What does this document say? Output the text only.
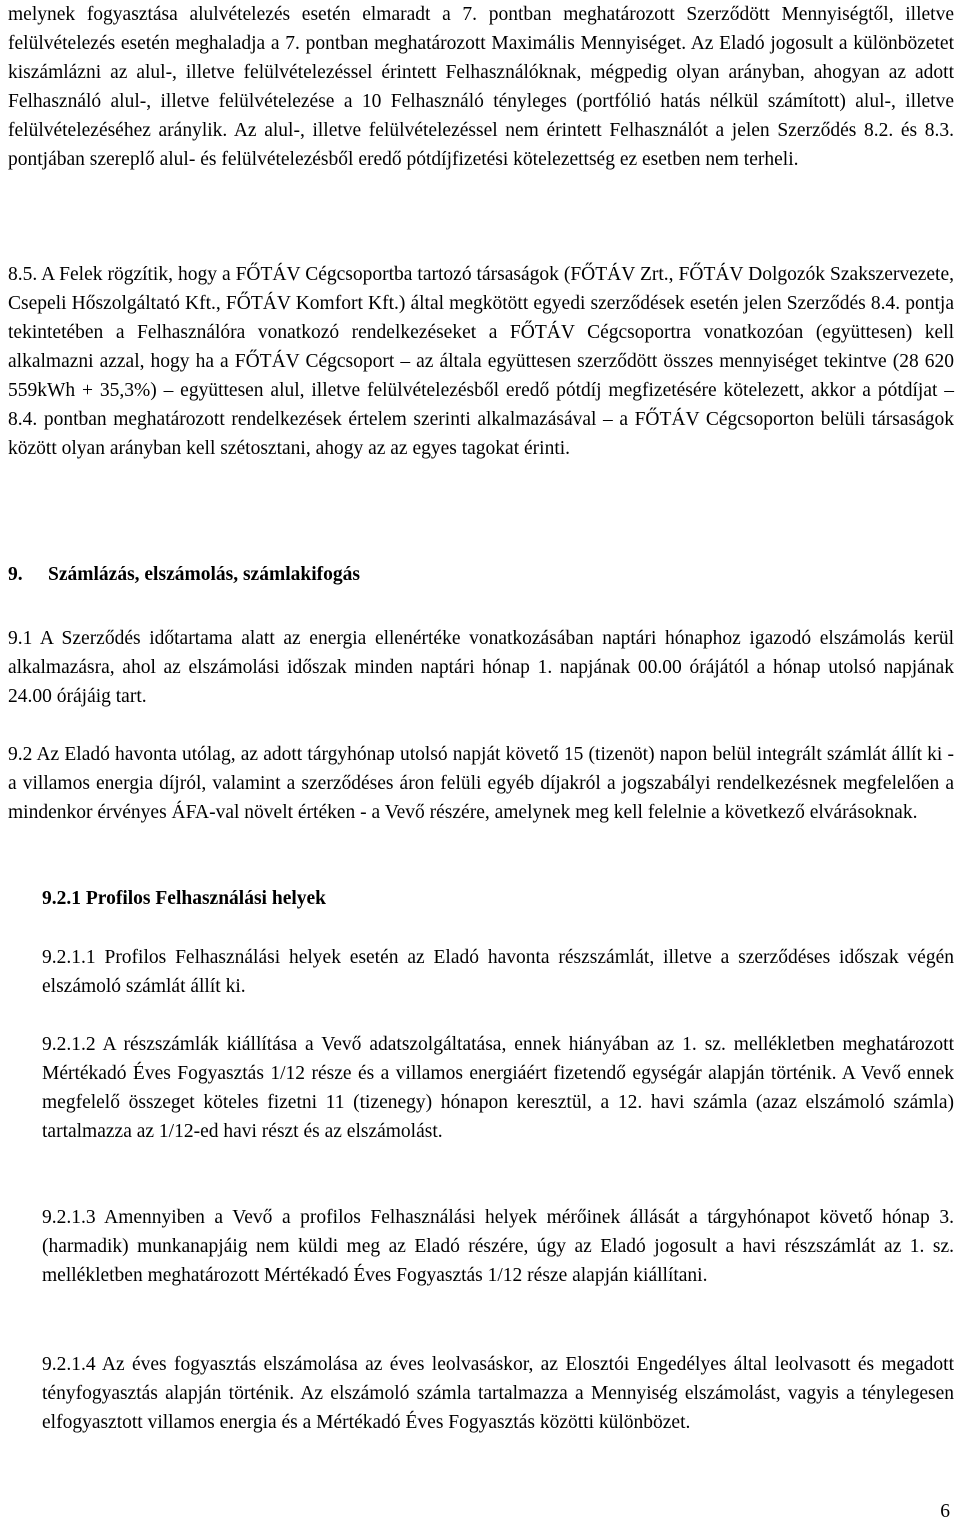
melynek fogyasztása alulvételezés esetén elmaradt a 7. pontban meghatározott Szerződött Mennyiségtől, illetve felülvételezés esetén meghaladja a 7. pontban meghatározott Maximális Mennyiséget. Az Eladó jogosult a különbözetet kiszámlázni az alul-, illetve felülvételezéssel érintett Felhasználóknak, mégpedig olyan arányban, ahogyan az adott Felhasználó alul-, illetve felülvételezése a 10 Felhasználó tényleges (portfólió hatás nélkül számított) alul-, illetve felülvételezéséhez aránylik. Az alul-, illetve felülvételezéssel nem érintett Felhasználót a jelen Szerződés 8.2. és 8.3. pontjában szereplő alul- és felülvételezésből eredő pótdíjfizetési kötelezettség ez esetben nem terheli.

8.5. A Felek rögzítik, hogy a FŐTÁV Cégcsoportba tartozó társaságok (FŐTÁV Zrt., FŐTÁV Dolgozók Szakszervezete, Csepeli Hőszolgáltató Kft., FŐTÁV Komfort Kft.) által megkötött egyedi szerződések esetén jelen Szerződés 8.4. pontja tekintetében a Felhasználóra vonatkozó rendelkezéseket a FŐTÁV Cégcsoportra vonatkozóan (együttesen) kell alkalmazni azzal, hogy ha a FŐTÁV Cégcsoport – az általa együttesen szerződött összes mennyiséget tekintve (28 620 559kWh + 35,3%) – együttesen alul, illetve felülvételezésből eredő pótdíj megfizetésére kötelezett, akkor a pótdíjat – 8.4. pontban meghatározott rendelkezések értelem szerinti alkalmazásával – a FŐTÁV Cégcsoporton belüli társaságok között olyan arányban kell szétosztani, ahogy az az egyes tagokat érinti.

9. Számlázás, elszámolás, számlakifogás

9.1 A Szerződés időtartama alatt az energia ellenértéke vonatkozásában naptári hónaphoz igazodó elszámolás kerül alkalmazásra, ahol az elszámolási időszak minden naptári hónap 1. napjának 00.00 órájától a hónap utolsó napjának 24.00 órájáig tart.

9.2 Az Eladó havonta utólag, az adott tárgyhónap utolsó napját követő 15 (tizenöt) napon belül integrált számlát állít ki - a villamos energia díjról, valamint a szerződéses áron felüli egyéb díjakról a jogszabályi rendelkezésnek megfelelően a mindenkor érvényes ÁFA-val növelt értéken - a Vevő részére, amelynek meg kell felelnie a következő elvárásoknak.

9.2.1 Profilos Felhasználási helyek

9.2.1.1 Profilos Felhasználási helyek esetén az Eladó havonta részszámlát, illetve a szerződéses időszak végén elszámoló számlát állít ki.

9.2.1.2 A részszámlák kiállítása a Vevő adatszolgáltatása, ennek hiányában az 1. sz. mellékletben meghatározott Mértékadó Éves Fogyasztás 1/12 része és a villamos energiáért fizetendő egységár alapján történik. A Vevő ennek megfelelő összeget köteles fizetni 11 (tizenegy) hónapon keresztül, a 12. havi számla (azaz elszámoló számla) tartalmazza az 1/12-ed havi részt és az elszámolást.

9.2.1.3 Amennyiben a Vevő a profilos Felhasználási helyek mérőinek állását a tárgyhónapot követő hónap 3. (harmadik) munkanapjáig nem küldi meg az Eladó részére, úgy az Eladó jogosult a havi részszámlát az 1. sz. mellékletben meghatározott Mértékadó Éves Fogyasztás 1/12 része alapján kiállítani.

9.2.1.4 Az éves fogyasztás elszámolása az éves leolvasáskor, az Elosztói Engedélyes által leolvasott és megadott tényfogyasztás alapján történik. Az elszámoló számla tartalmazza a Mennyiség elszámolást, vagyis a ténylegesen elfogyasztott villamos energia és a Mértékadó Éves Fogyasztás közötti különbözet.

6
